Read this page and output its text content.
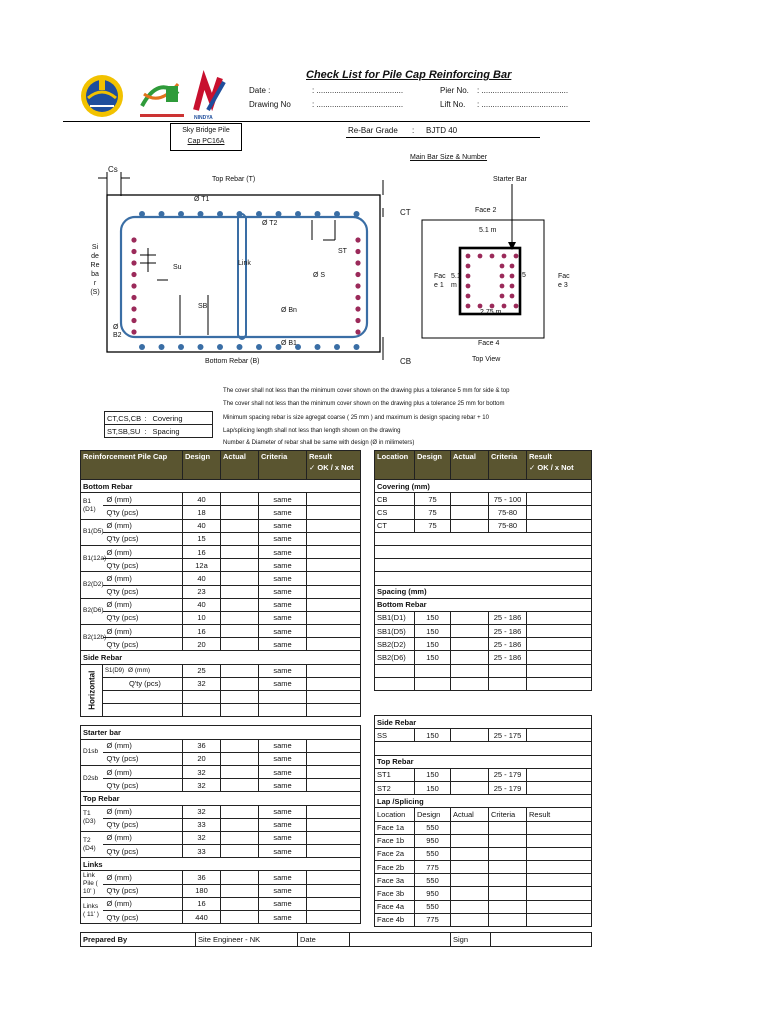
NINDYA
Check List for Pile Cap Reinforcing Bar
Date :	: .......................................
Drawing No	: .......................................
Pier No. : .......................................
Lift No. : .......................................
Sky Bridge Pile
Cap PC16A
Re-Bar Grade : BJTD 40
Main Bar Size & Number
Cs
Top Rebar (T)
Ø T1
Ø T2
CT
Si
de
Re
ba
r
(S)
Link
Su
ST
Ø S
SB
Ø Bn
Ø B1
Ø
B2
Bottom Rebar (B)	CB
Starter Bar
Face 2
5.1 m
Fac
e 1
5.1
m
Fac
e 3
5
2.75 m
Face 4
Top View
The cover shall not less than the minimum cover shown on the drawing plus a tolerance 5 mm for side & top
The cover shall not less than the minimum cover shown on the drawing plus a tolerance 25 mm for bottom
Minimum spacing rebar is size agregat coarse ( 25 mm ) and maximum is design spacing rebar + 10
Lap/splicing length shall not less than length shown on the drawing
Number & Diameter of rebar shall be same with design (Ø in milimeters)
CT,CS,CB	:	Covering
ST,SB,SU	:	Spacing
Reinforcement Pile Cap		Design	Actual	Criteria	Result
✓ OK / x Not

Bottom Rebar					
B1 (D1)	Ø (mm)	40		same	
	Q'ty (pcs)	18		same	
B1(D5)	Ø (mm)	40		same	
	Q'ty (pcs)	15		same	
B1(12a)	Ø (mm)	16		same	
	Q'ty (pcs)	12a		same	
B2(D2)	Ø (mm)	40		same	
	Q'ty (pcs)	23		same	
B2(D6)	Ø (mm)	40		same	
	Q'ty (pcs)	10		same	
B2(12b)	Ø (mm)	16		same	
	Q'ty (pcs)	20		same	
Side Rebar					
Horizontal	S1(D9) Ø (mm)	25		same	
	Q'ty (pcs)	32		same	

Starter bar					
D1sb	Ø (mm)	36		same	
	Q'ty (pcs)	20		same	
D2sb	Ø (mm)	32		same	
	Q'ty (pcs)	32		same	
Top Rebar					
T1 (D3)	Ø (mm)	32		same	
	Q'ty (pcs)	33		same	
T2 (D4)	Ø (mm)	32		same	
	Q'ty (pcs)	33		same	
Links					
Link Pile ( 10' )	Ø (mm)	36		same	
	Q'ty (pcs)	180		same	
Links ( 11' )	Ø (mm)	16		same	
	Q'ty (pcs)	440		same	
Location	Design	Actual	Criteria	Result
✓ OK / x Not

Covering (mm)				
CB	75		75 - 100	
CS	75		75-80	
CT	75		75-80	

Spacing (mm)				
Bottom Rebar				
SB1(D1)	150		25 - 186	
SB1(D5)	150		25 - 186	
SB2(D2)	150		25 - 186	
SB2(D6)	150		25 - 186	

Side Rebar				
SS	150		25 - 175	

Top Rebar				
ST1	150		25 - 179	
ST2	150		25 - 179	
Lap /Splicing				
Location	Design	Actual	Criteria	Result
Face 1a	550			
Face 1b	950			
Face 2a	550			
Face 2b	775			
Face 3a	550			
Face 3b	950			
Face 4a	550			
Face 4b	775			
Prepared By	Site Engineer - NK	Date		Sign	
